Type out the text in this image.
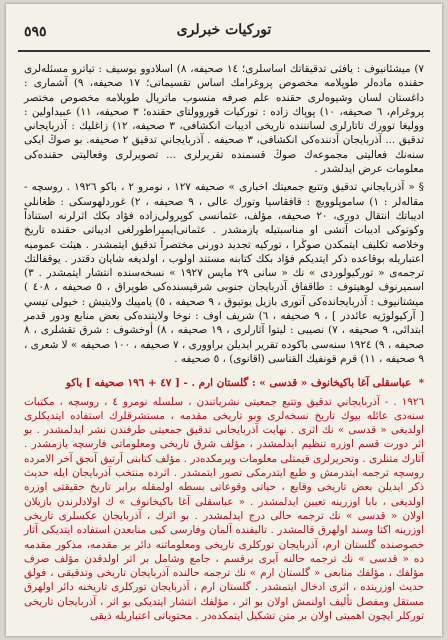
٥٩٥	توركيات خبرلرى

٧) ميشئانيوف : يافثى تدقيقاتك اساسلرى؛ ١٤ صحيفه، ٨) اسلادوو يوسيف : تياترو مسئله‌لرى حقنده ماده‌لر طوپلامه مخصوص پروغرامك اساس تقسيماتى؛ ١٧ صحيفه، ٩) آشماری : داغستان لسان وشيوه‌لرى حقنده علم صرفه منسوب ماتريال طوپلامه مخصوص مختصر پروغرام، ٦ صحيفه، ١٠) پوپاك زاده : توركيات قوروولتاى حقنده؛ ٣ صحيفه، ١١) عبيداولين : ووليغا توورك تاتارلرى لسانننده تاريخى اديبات انكشافى، ٣ صحيفه، ١٢) زاغليك : آذربايجاني تدقيق ... آذربايجان آدننده‌كى انكشافى، ٣ صحيفه . آذربايجاني تدقيق ٢ صحيفه. بو صوڭ ايكى سنه‌نك فعاليتى مجموعه‌ك صوڭ قسمنده تقريرلرى ... تصويرلرى وفعاليتى حقنده‌كى معلومات عرض ايدلشدر .

§ « آذربايجاني تدقيق وتتبع جمعيتك اخبارى » صحيفه ١٢٧ ، نومرو ٢ ، باكو ١٩٢٦ . روسچه - مقاله‌لر : ١) ساموپلوويچ : قافقاسيا وتورك عالى ، ٩ صحيفه ، ٢) غوردلهوسكى : ظغانلى اديباتك انتقال دورى، ٢٠ صحيفه، مؤلف، عثمانسى كوپرولى‌زاده فؤاد بكك اثرلرنه استناداً وكوتوكى اديبات آتشى او مناسبتيله يازمشدر . عثمانى‌ايمپراطورلغى اديباتى حقنده تاريخ وخلاصه تكليف ايتمكدن صوڭرا ، توركيه تجديد دورنى مختصراً تدقيق ايتمشدر . هيئت عموميه اعتباريله بوقاعده ذكر ايتديكم فؤاد بكك كتابنه مستند اولوب ، اولديغه شايان دقتدر . يوقفالتك ترجمه‌ى « توركيولوردى » نك « سانى ٢٩ مايس ١٩٢٧ » نسخه‌سنده انتشار ايتمشدر . ٣) اسميرنوف لوهيتوف : طاقفاق آذربايجان جنوبى شرقيسنده‌كى طوپراق ، ٥ صحيفه ، ٤٠٨ ) ميشتانيوف : آذربايجانده‌كى آتورى بازيل يوتيوق ، ٩ صحيفه ، ٥) يامپيك ولايتيش : خيولى تيسي [ آركيولوژيه عائددر ] ، ٩ صحيفه ، ٦) شريف اوف : نوخا ولايتنده‌كى بعض منابع ودور قدمر ابتدائى، ٩ صحيفه ، ٧) نصيبى : ليتوا آثارلرى ، ١٩ صحيفه ، ٨) أوخشوف : شرق تقشلرى ، ٨ صحيفه ، ٩) ١٩٢٤ سنه‌سى باكوده تقرير ايديلن براوورى ، ٧ صحيفه ، ١٠٠ صحيفه » لا شعرى ، ٩ صحيفه ، ١١) قرم قونفيك القناسى (اقانوى) ، ٥ صحيفه .

* عباسقلى آغا باكيخانوف « قدسى » : گلستان ارم . - [ ٤٧ + ١٩٦ صحيفه ] باكو

١٩٢٦ . - آذربايجاني تدقيق وتتبع جمعيتى نشرياتندن ، سلسله نومرو ٤ ، روسچه ، مكتبات سنه‌دى عائله بيوك تاريخ نسخه‌لرى وبو تاريخى مقدمه ، مستشرقلرك استفاده ايتديكلرى اولديغى « قدسى » نك اثرى . نهايت آذربايجانى تدقيق جمعيتى طرفندن نشر ايدلمشدر . بو اثر دورت قسم اوزره تنظيم ايدلمشدر ، مؤلف شرق تاريخى ومعلوماتى فارسچه يازمشدر . آثارك متنلرى . وتحريرلرى قيمتلى معلومات ويرمكده‌در . مؤلف كتابنى آرتيق آنجق آخر الامرده روسچه ترجمه ايتدرمش و طبع ايتدرمكى تصور ايتمشدر . اثرده منتخب آذربايجان ايله حديث ذكر ايديلن بعض تاريخى وقايع ، حياتى وقوعاتى بسطه اولمقله برابر تاريخ حقيقتى اوزره اولديغى ، بابا اوزرينه تعيين ايدلمشدر . « عباسقلى آغا باكيخانوف » ك اولادلرندن بازيلان اولان « قدسى » نك ترجمه حالى درج ايدلمشدر . بو اثرك ، آذربايجان عكسلرى تاريخى اوزرينه اكتا وسند اولهرق قالمشدر . تاليفنده آلمان وفارسى كبى منابعدن استفاده ايتديكى آثار خصوصنده گلستان ارم، آذربايجان توركلرى تاريخى ومعلوماتنه دائر بر مقدمه، مذكور مقدمه ده « قدسى » نك ترجمه حالنه آيرى برقسم ، جامع وشامل بر اثر اولدقدن مؤلف صرف مؤلفك ، مؤلفك منابعى « گلستان ارم » نك ترجمه حالنده آذربايجان تاريخى وتدقيقى ، فولق حديث اوزرينده ، اثرى ادخال ايتمشدر . گلستان ارم ، آذربايجان توركلرى تاريخنه دائر اولهرق مستقل ومفصل تأليف اولنمش اولان بو اثر ، مؤلفك انتشار ايتديكى بو اثر ، آذربايجان تاريخى توركلر ايچون اهميتى اولان بر متن تشكيل ايتمكده‌در . محتوياتى اعتباريله ذيقى
